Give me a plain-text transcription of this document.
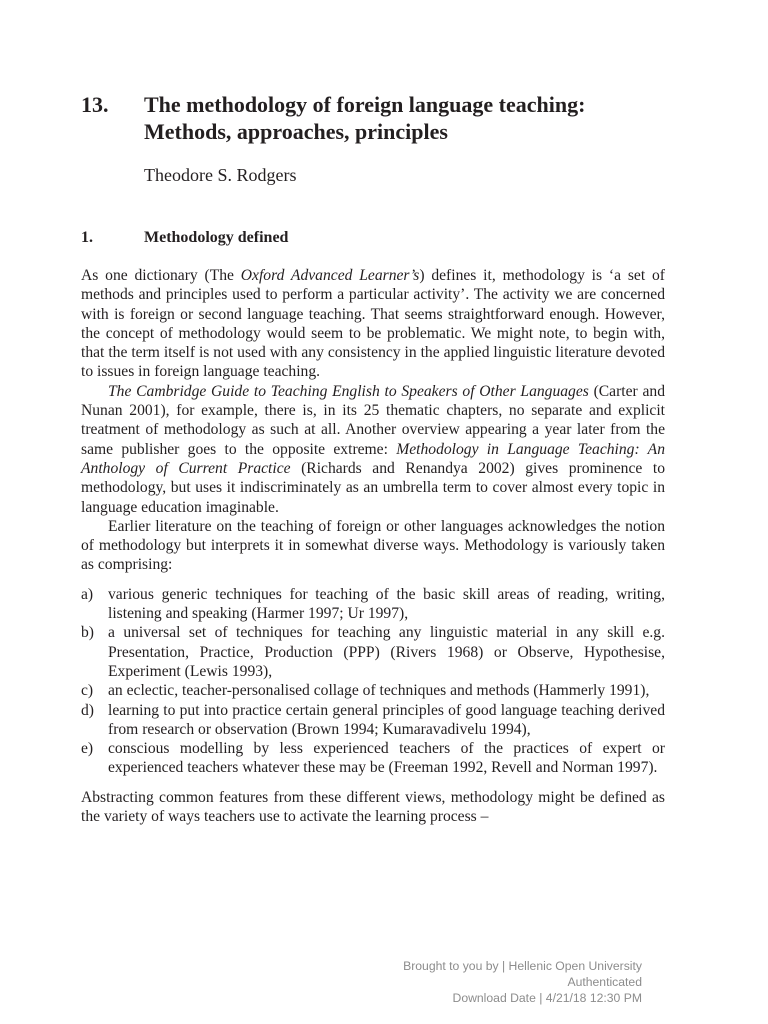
13. The methodology of foreign language teaching:
Methods, approaches, principles
Theodore S. Rodgers
1.	Methodology defined

As one dictionary (The Oxford Advanced Learner’s) defines it, methodology is ‘a set of methods and principles used to perform a particular activity’. The activity we are concerned with is foreign or second language teaching. That seems straightforward enough. However, the concept of methodology would seem to be problematic. We might note, to begin with, that the term itself is not used with any consistency in the applied linguistic literature devoted to issues in foreign language teaching.

The Cambridge Guide to Teaching English to Speakers of Other Languages (Carter and Nunan 2001), for example, there is, in its 25 thematic chapters, no separate and explicit treatment of methodology as such at all. Another overview appearing a year later from the same publisher goes to the opposite extreme: Methodology in Language Teaching: An Anthology of Current Practice (Richards and Renandya 2002) gives prominence to methodology, but uses it indiscriminately as an umbrella term to cover almost every topic in language education imaginable.

Earlier literature on the teaching of foreign or other languages acknowledges the notion of methodology but interprets it in somewhat diverse ways. Methodology is variously taken as comprising:

a) various generic techniques for teaching of the basic skill areas of reading, writing, listening and speaking (Harmer 1997; Ur 1997),
b) a universal set of techniques for teaching any linguistic material in any skill e.g. Presentation, Practice, Production (PPP) (Rivers 1968) or Observe, Hypothesise, Experiment (Lewis 1993),
c) an eclectic, teacher-personalised collage of techniques and methods (Hammerly 1991),
d) learning to put into practice certain general principles of good language teaching derived from research or observation (Brown 1994; Kumaravadivelu 1994),
e) conscious modelling by less experienced teachers of the practices of expert or experienced teachers whatever these may be (Freeman 1992, Revell and Norman 1997).

Abstracting common features from these different views, methodology might be defined as the variety of ways teachers use to activate the learning process –

Brought to you by | Hellenic Open University
Authenticated
Download Date | 4/21/18 12:30 PM
